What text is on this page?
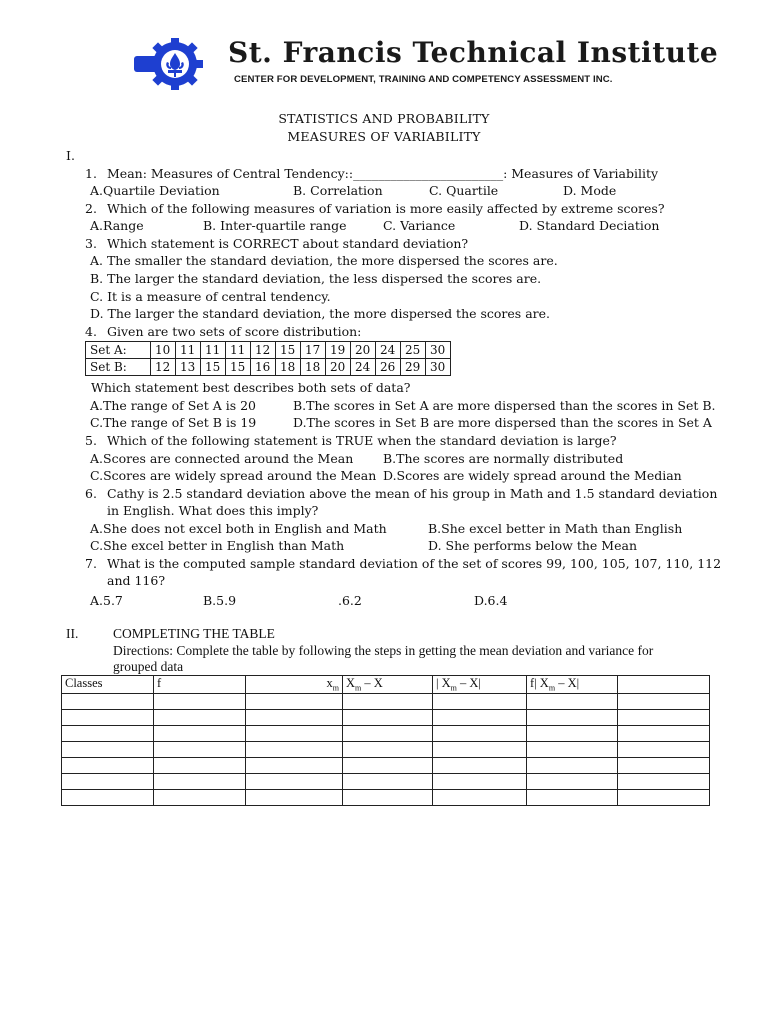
St. Francis Technical Institute
CENTER FOR DEVELOPMENT, TRAINING AND COMPETENCY ASSESSMENT INC.
STATISTICS AND PROBABILITY
MEASURES OF VARIABILITY
I.
1. Mean: Measures of Central Tendency::________________________: Measures of Variability
A.Quartile Deviation	B. Correlation	C. Quartile	D. Mode
2. Which of the following measures of variation is more easily affected by extreme scores?
A.Range	B. Inter-quartile range	C. Variance	D. Standard Deciation
3. Which statement is CORRECT about standard deviation?
A. The smaller the standard deviation, the more dispersed the scores are.
B. The larger the standard deviation, the less dispersed the scores are.
C. It is a measure of central tendency.
D. The larger the standard deviation, the more dispersed the scores are.
4. Given are two sets of score distribution:
Set A:	10	11	11	11	12	15	17	19	20	24	25	30
Set B:	12	13	15	15	16	18	18	20	24	26	29	30
Which statement best describes both sets of data?
A.The range of Set A is 20	B.The scores in Set A are more dispersed than the scores in Set B.
C.The range of Set B is 19	D.The scores in Set B are more dispersed than the scores in Set A
5. Which of the following statement is TRUE when the standard deviation is large?
A.Scores are connected around the Mean B.The scores are normally distributed
C.Scores are widely spread around the Mean D.Scores are widely spread around the Median
6. Cathy is 2.5 standard deviation above the mean of his group in Math and 1.5 standard deviation
in English. What does this imply?
A.She does not excel both in English and Math	B.She excel better in Math than English
C.She excel better in English than Math	D. She performs below the Mean
7. What is the computed sample standard deviation of the set of scores 99, 100, 105, 107, 110, 112
and 116?
A.5.7	B.5.9	.6.2	D.6.4
II.	COMPLETING THE TABLE
Directions: Complete the table by following the steps in getting the mean deviation and variance for
grouped data
Classes	f	$x_m$	$X_m$ – X	| $X_m - X|$	f| $X_m - X|$	
